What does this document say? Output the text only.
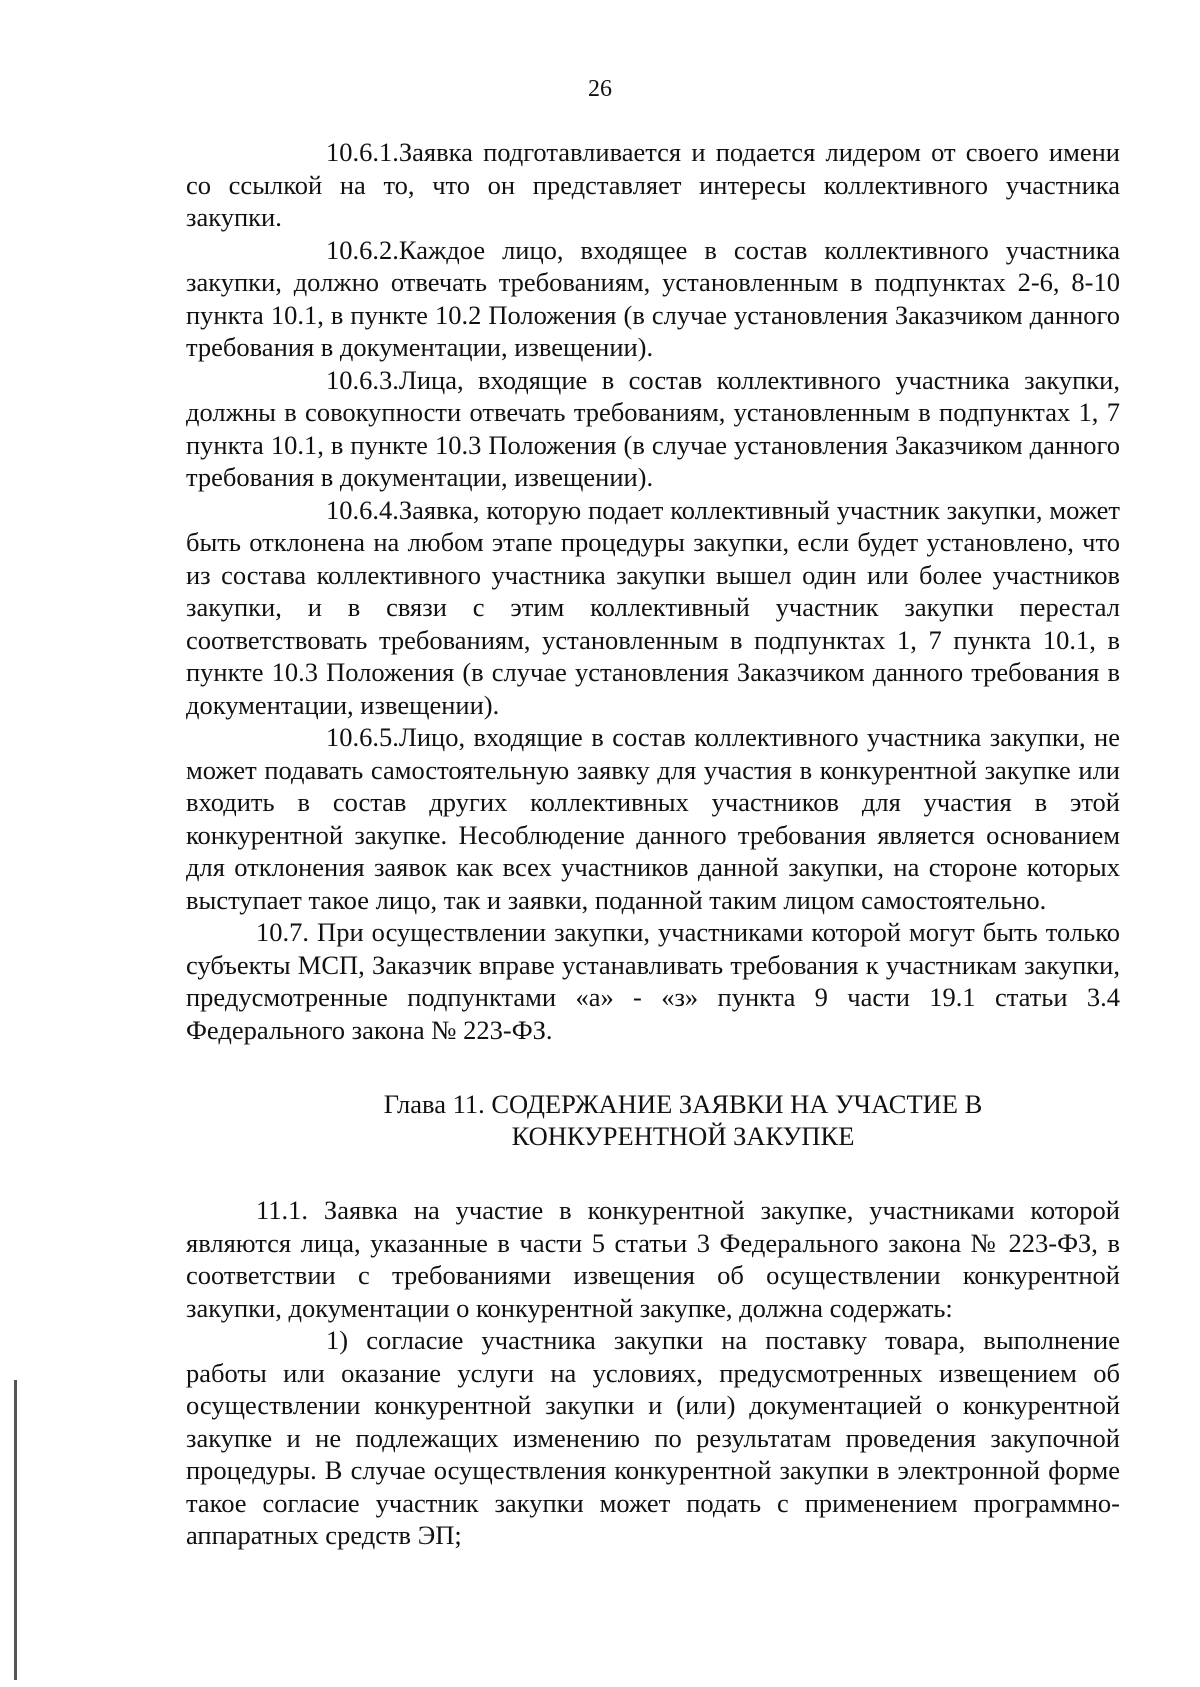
26

10.6.1.Заявка подготавливается и подается лидером от своего имени со ссылкой на то, что он представляет интересы коллективного участника закупки.

10.6.2.Каждое лицо, входящее в состав коллективного участника закупки, должно отвечать требованиям, установленным в подпунктах 2-6, 8-10 пункта 10.1, в пункте 10.2 Положения (в случае установления Заказчиком данного требования в документации, извещении).

10.6.3.Лица, входящие в состав коллективного участника закупки, должны в совокупности отвечать требованиям, установленным в подпунктах 1, 7 пункта 10.1, в пункте 10.3 Положения (в случае установления Заказчиком данного требования в документации, извещении).

10.6.4.Заявка, которую подает коллективный участник закупки, может быть отклонена на любом этапе процедуры закупки, если будет установлено, что из состава коллективного участника закупки вышел один или более участников закупки, и в связи с этим коллективный участник закупки перестал соответствовать требованиям, установленным в подпунктах 1, 7 пункта 10.1, в пункте 10.3 Положения (в случае установления Заказчиком данного требования в документации, извещении).

10.6.5.Лицо, входящие в состав коллективного участника закупки, не может подавать самостоятельную заявку для участия в конкурентной закупке или входить в состав других коллективных участников для участия в этой конкурентной закупке. Несоблюдение данного требования является основанием для отклонения заявок как всех участников данной закупки, на стороне которых выступает такое лицо, так и заявки, поданной таким лицом самостоятельно.

10.7. При осуществлении закупки, участниками которой могут быть только субъекты МСП, Заказчик вправе устанавливать требования к участникам закупки, предусмотренные подпунктами «а» - «з» пункта 9 части 19.1 статьи 3.4 Федерального закона № 223-ФЗ.

Глава 11. СОДЕРЖАНИЕ ЗАЯВКИ НА УЧАСТИЕ В
КОНКУРЕНТНОЙ ЗАКУПКЕ

11.1. Заявка на участие в конкурентной закупке, участниками которой являются лица, указанные в части 5 статьи 3 Федерального закона № 223-ФЗ, в соответствии с требованиями извещения об осуществлении конкурентной закупки, документации о конкурентной закупке, должна содержать:

1) согласие участника закупки на поставку товара, выполнение работы или оказание услуги на условиях, предусмотренных извещением об осуществлении конкурентной закупки и (или) документацией о конкурентной закупке и не подлежащих изменению по результатам проведения закупочной процедуры. В случае осуществления конкурентной закупки в электронной форме такое согласие участник закупки может подать с применением программно-аппаратных средств ЭП;
